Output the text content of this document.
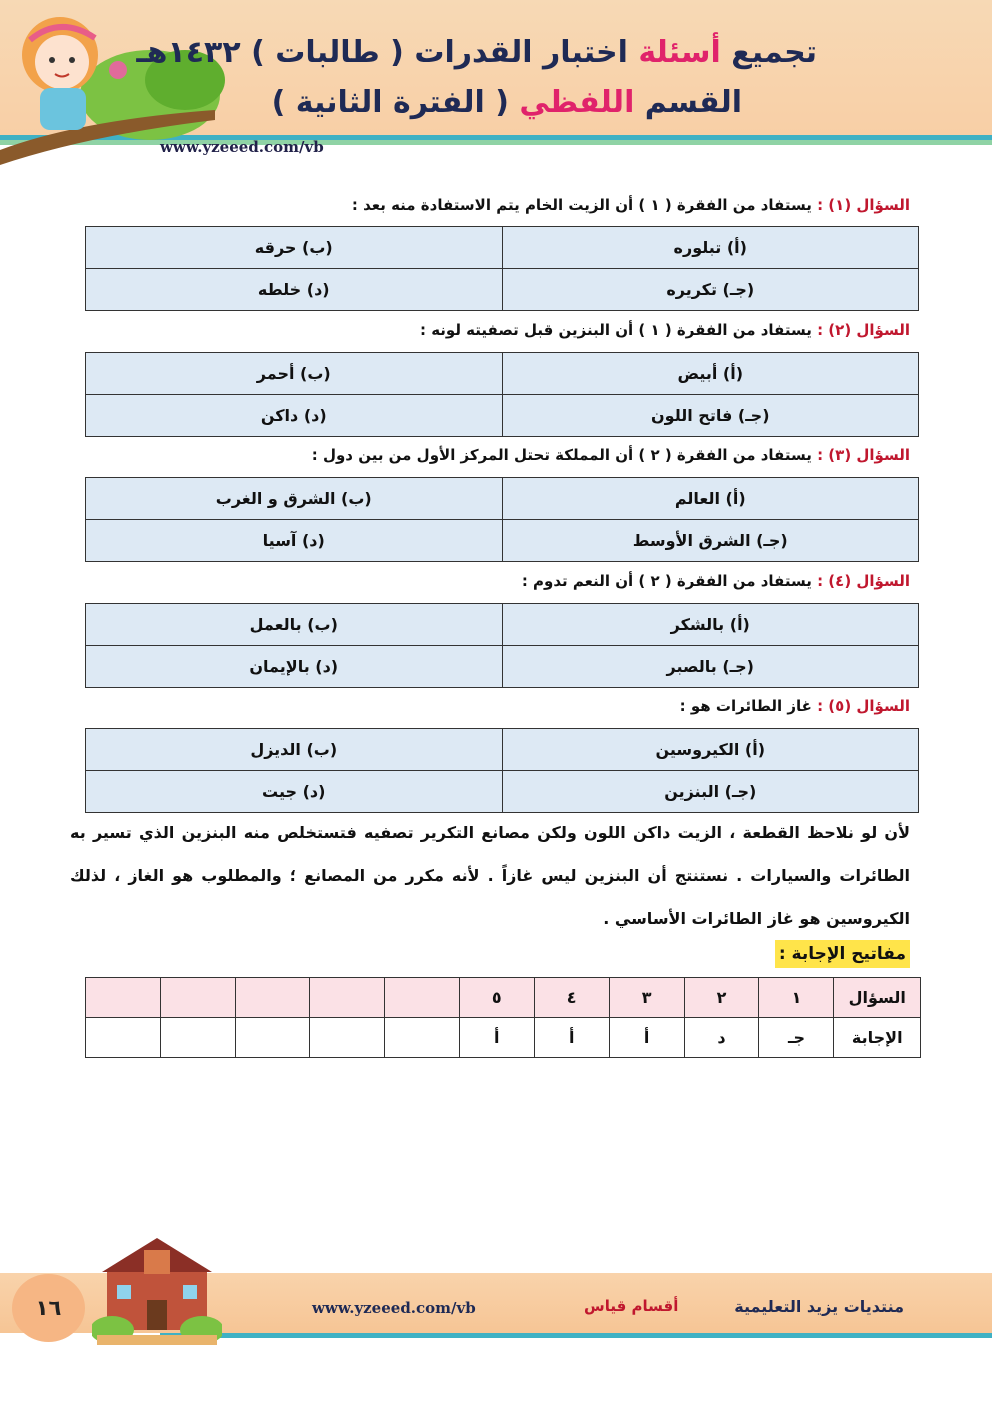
تجميع أسئلة اختبار القدرات ( طالبات ) ١٤٣٢هـ
القسم اللفظي ( الفترة الثانية )
www.yzeeed.com/vb
السؤال (١) : يستفاد من الفقرة ( ١ ) أن الزيت الخام يتم الاستفادة منه بعد :
(أ) تبلوره	(ب) حرقه
(جـ) تكريره	(د) خلطه
السؤال (٢) : يستفاد من الفقرة ( ١ ) أن البنزين قبل تصفيته لونه :
(أ) أبيض	(ب) أحمر
(جـ) فاتح اللون	(د) داكن
السؤال (٣) : يستفاد من الفقرة ( ٢ ) أن المملكة تحتل المركز الأول من بين دول :
(أ) العالم	(ب) الشرق و الغرب
(جـ) الشرق الأوسط	(د) آسيا
السؤال (٤) : يستفاد من الفقرة ( ٢ ) أن النعم تدوم :
(أ) بالشكر	(ب) بالعمل
(جـ) بالصبر	(د) بالإيمان
السؤال (٥) : غاز الطائرات هو :
(أ) الكيروسين	(ب) الديزل
(جـ) البنزين	(د) جيت
لأن لو نلاحظ القطعة ، الزيت داكن اللون ولكن مصانع التكرير تصفيه فتستخلص منه البنزين الذي تسير به الطائرات والسيارات . نستنتج أن البنزين ليس غازاً . لأنه مكرر من المصانع ؛ والمطلوب هو الغاز ، لذلك الكيروسين هو غاز الطائرات الأساسي .
مفاتيح الإجابة :
السؤال	١	٢	٣	٤	٥					
الإجابة	جـ	د	أ	أ	أ					
١٦	www.yzeeed.com/vb	أقسام قياس	منتديات يزيد التعليمية
